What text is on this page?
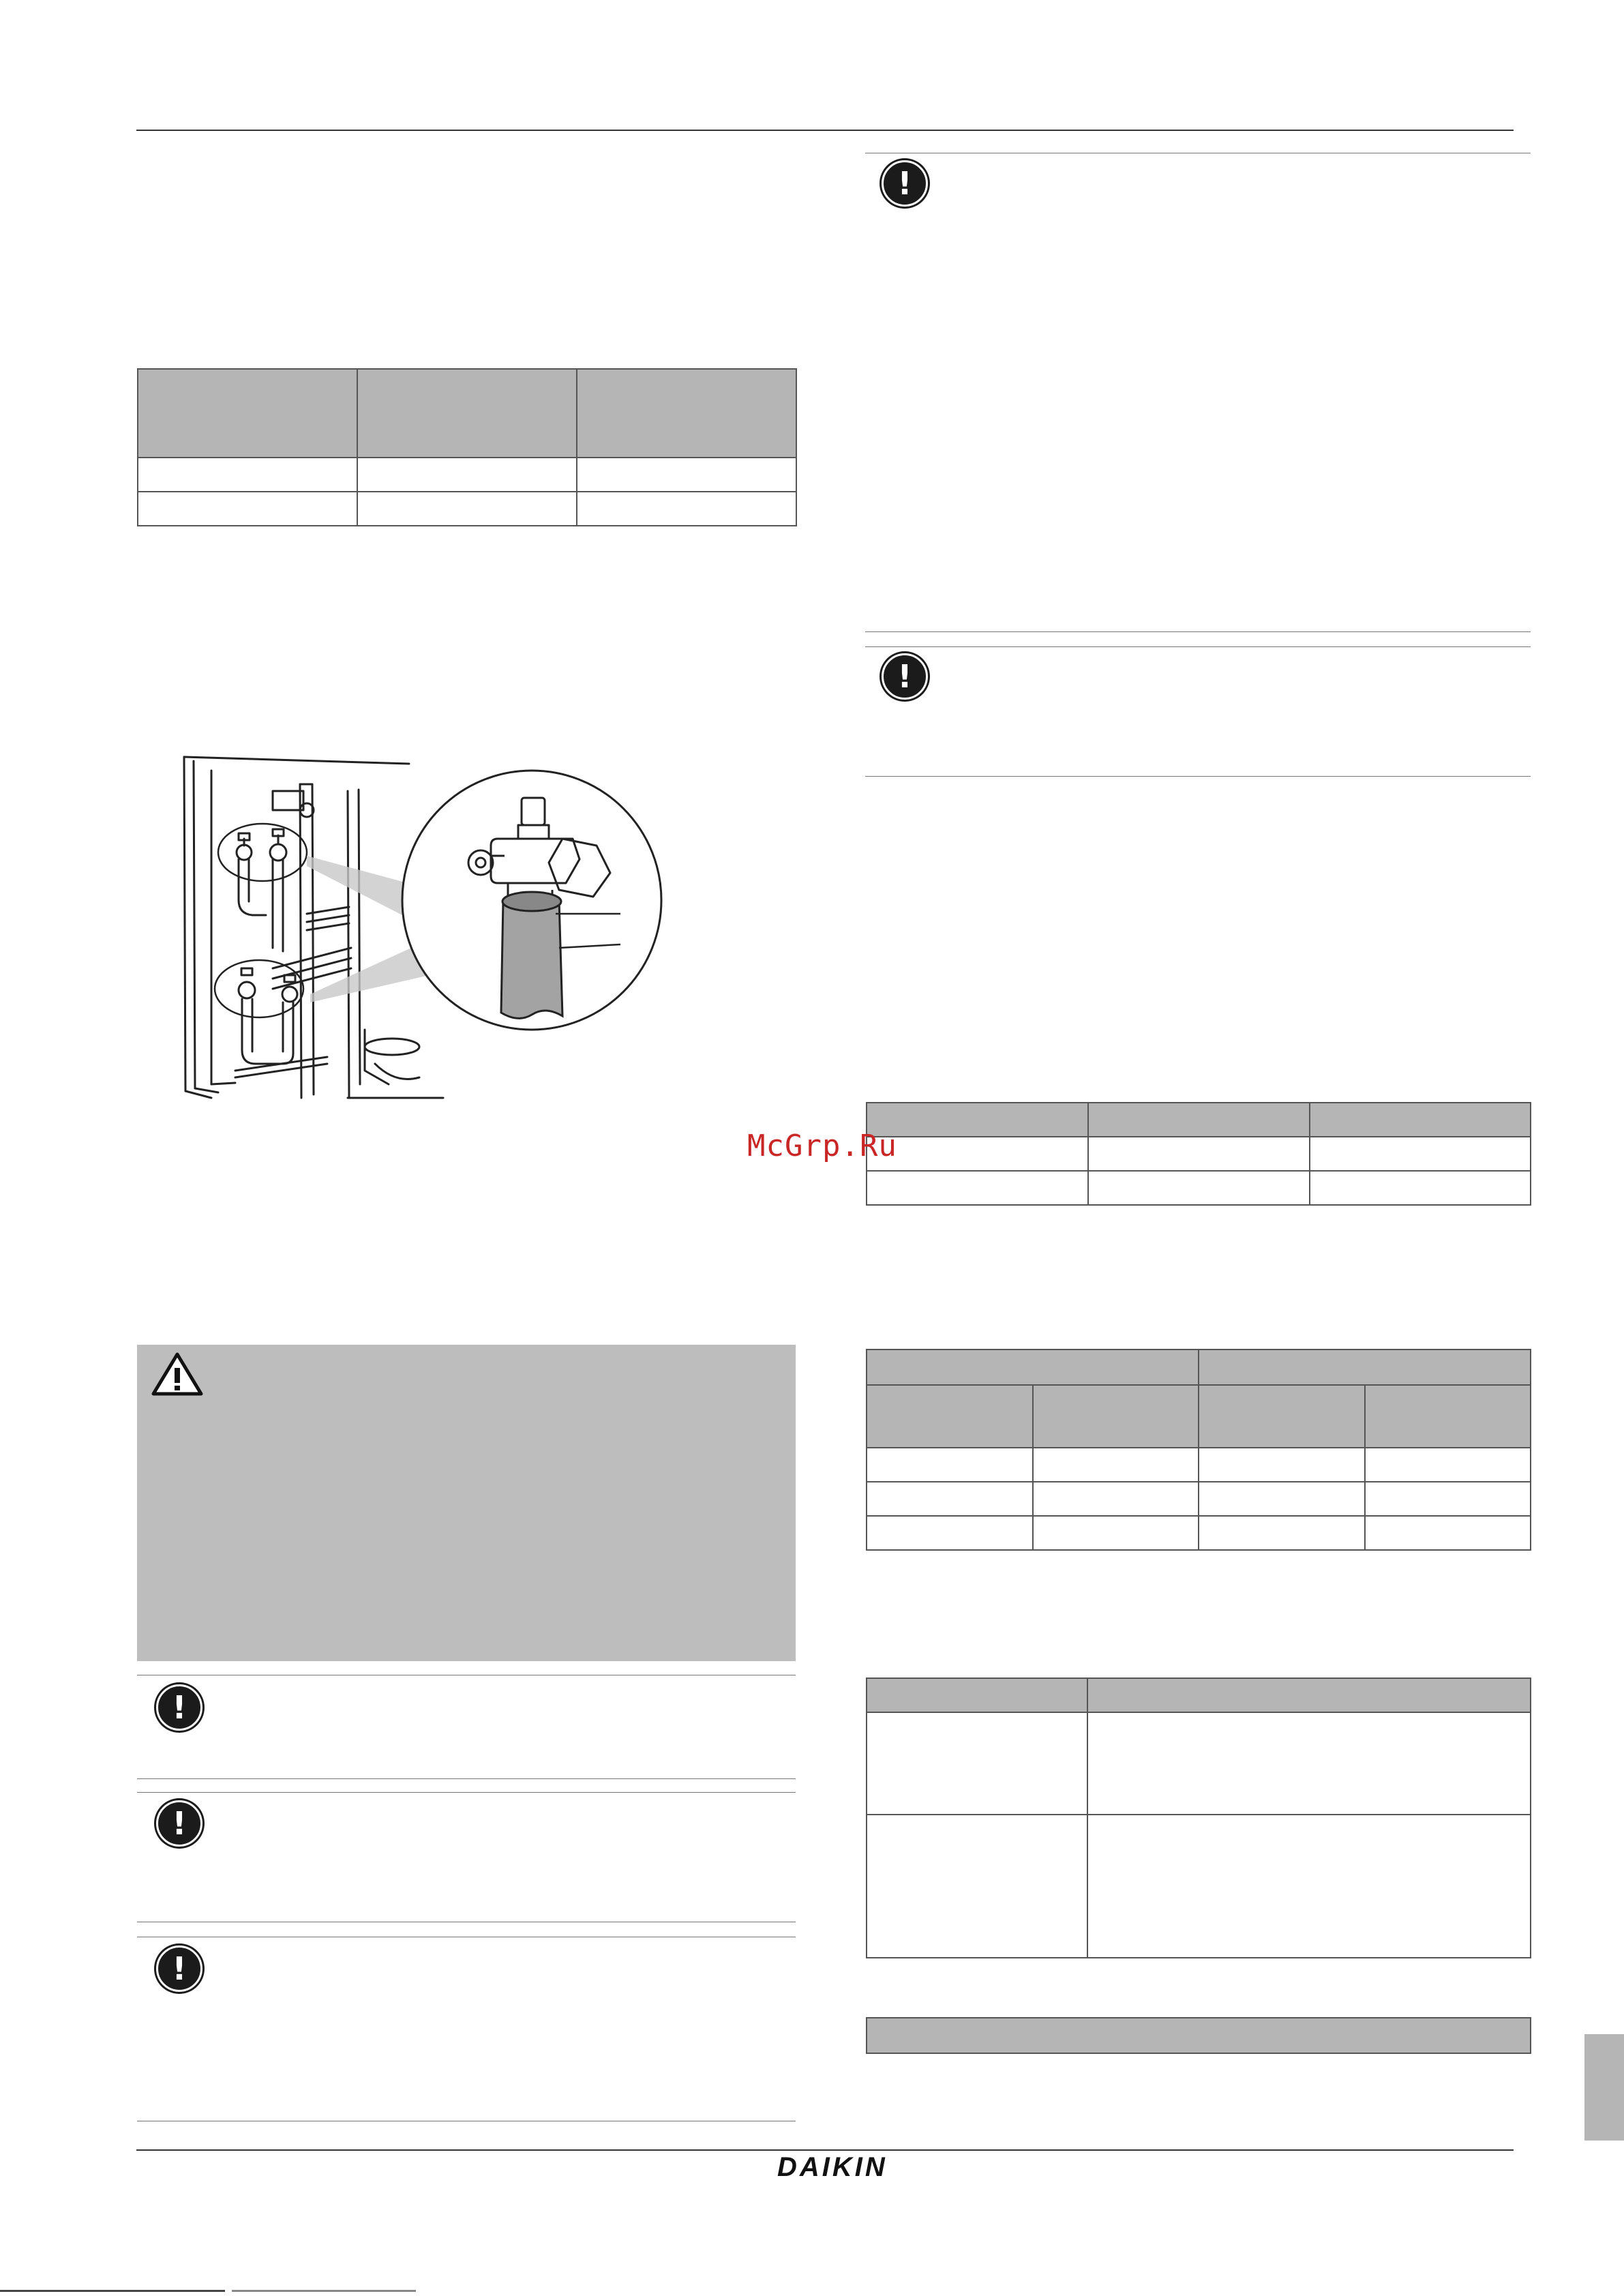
!
!
!
!
!

McGrp.Ru
DAIKIN
